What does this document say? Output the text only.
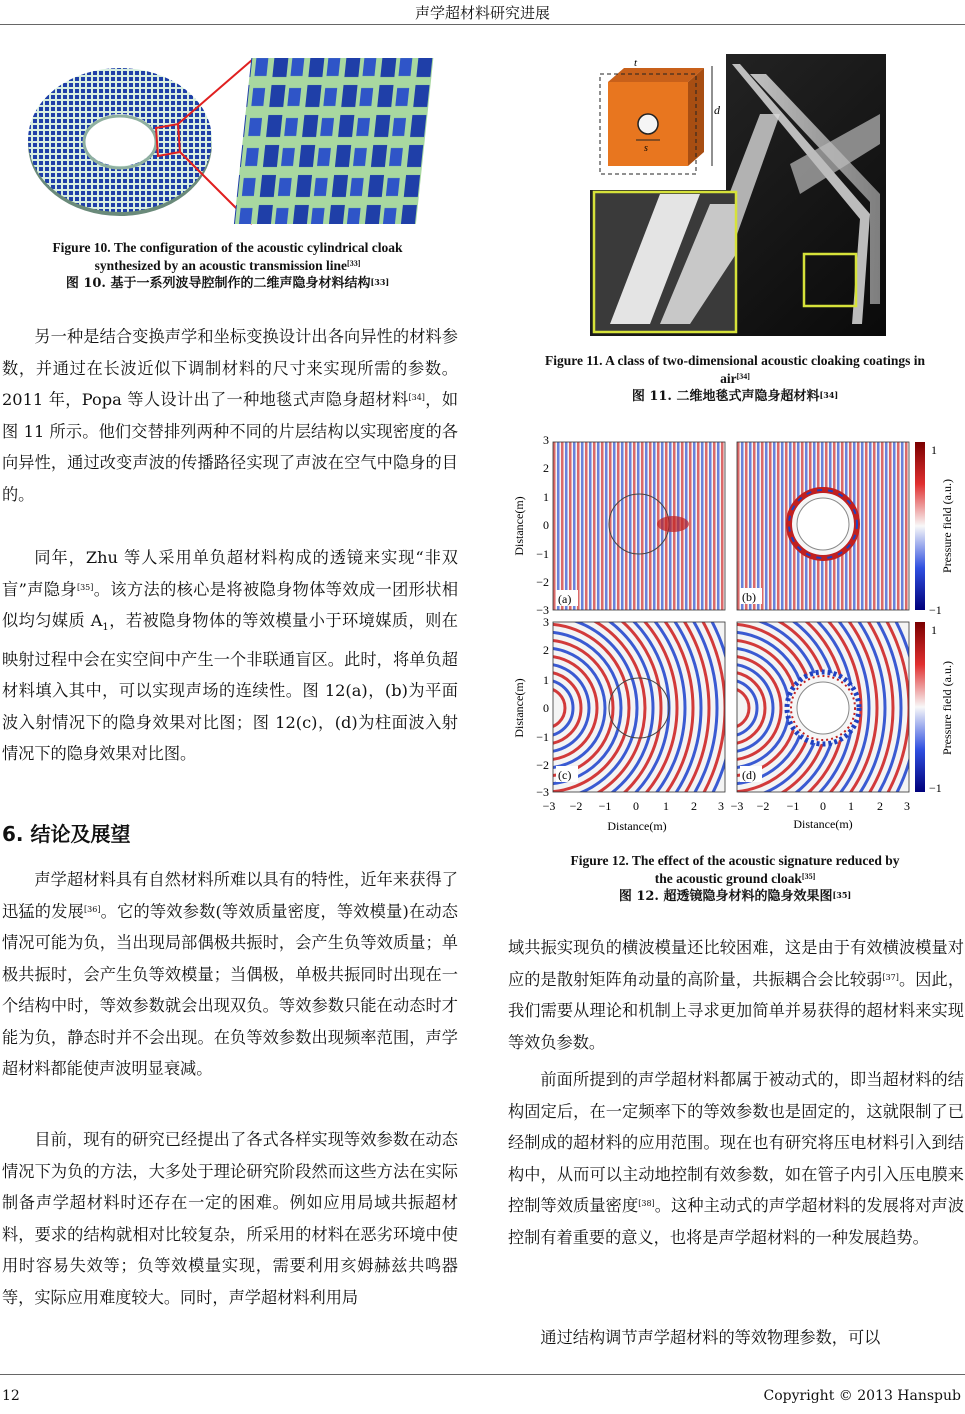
声学超材料研究进展
Figure 10. The configuration of the acoustic cylindrical cloak
synthesized by an acoustic transmission line[33]
图 10. 基于一系列波导腔制作的二维声隐身材料结构[33]

另一种是结合变换声学和坐标变换设计出各向异性的材料参数，并通过在长波近似下调制材料的尺寸来实现所需的参数。2011 年，Popa 等人设计出了一种地毯式声隐身超材料[34]，如图 11 所示。他们交替排列两种不同的片层结构以实现密度的各向异性，通过改变声波的传播路径实现了声波在空气中隐身的目的。

同年，Zhu 等人采用单负超材料构成的透镜来实现“非双盲”声隐身[35]。该方法的核心是将被隐身物体等效成一团形状相似均匀媒质 $A_1$，若被隐身物体的等效模量小于环境媒质，则在映射过程中会在实空间中产生一个非联通盲区。此时，将单负超材料填入其中，可以实现声场的连续性。图 12(a)，(b)为平面波入射情况下的隐身效果对比图；图 12(c)，(d)为柱面波入射情况下的隐身效果对比图。

6. 结论及展望

声学超材料具有自然材料所难以具有的特性，近年来获得了迅猛的发展[36]。它的等效参数(等效质量密度，等效模量)在动态情况可能为负，当出现局部偶极共振时，会产生负等效质量；单极共振时，会产生负等效模量；当偶极，单极共振同时出现在一个结构中时，等效参数就会出现双负。等效参数只能在动态时才能为负，静态时并不会出现。在负等效参数出现频率范围，声学超材料都能使声波明显衰减。

目前，现有的研究已经提出了各式各样实现等效参数在动态情况下为负的方法，大多处于理论研究阶段然而这些方法在实际制备声学超材料时还存在一定的困难。例如应用局域共振超材料，要求的结构就相对比较复杂，所采用的材料在恶劣环境中使用时容易失效等；负等效模量实现，需要利用亥姆赫兹共鸣器等，实际应用难度较大。同时，声学超材料利用局

d
t
s
Figure 11. A class of two-dimensional acoustic cloaking coatings in
air[34]
图 11. 二维地毯式声隐身超材料[34]
(a)	(b)
(c)	(d)
3
2
1
0
−1
−2
−3
3
2
1
0
−1
−2
−3
−3 −2 −1 0 1 2 3 −3 −2 −1 0 1 2 3
Distance(m)	Distance(m)
Distance(m)
Distance(m)
Pressure field (a.u.)
Pressure field (a.u.)
1
−1
1
−1
Figure 12. The effect of the acoustic signature reduced by
the acoustic ground cloak[35]
图 12. 超透镜隐身材料的隐身效果图[35]

域共振实现负的横波模量还比较困难，这是由于有效横波模量对应的是散射矩阵角动量的高阶量，共振耦合会比较弱[37]。因此，我们需要从理论和机制上寻求更加简单并易获得的超材料来实现等效负参数。

前面所提到的声学超材料都属于被动式的，即当超材料的结构固定后，在一定频率下的等效参数也是固定的，这就限制了已经制成的超材料的应用范围。现在也有研究将压电材料引入到结构中，从而可以主动地控制有效参数，如在管子内引入压电膜来控制等效质量密度[38]。这种主动式的声学超材料的发展将对声波控制有着重要的意义，也将是声学超材料的一种发展趋势。

通过结构调节声学超材料的等效物理参数，可以

12	Copyright © 2013 Hanspub
